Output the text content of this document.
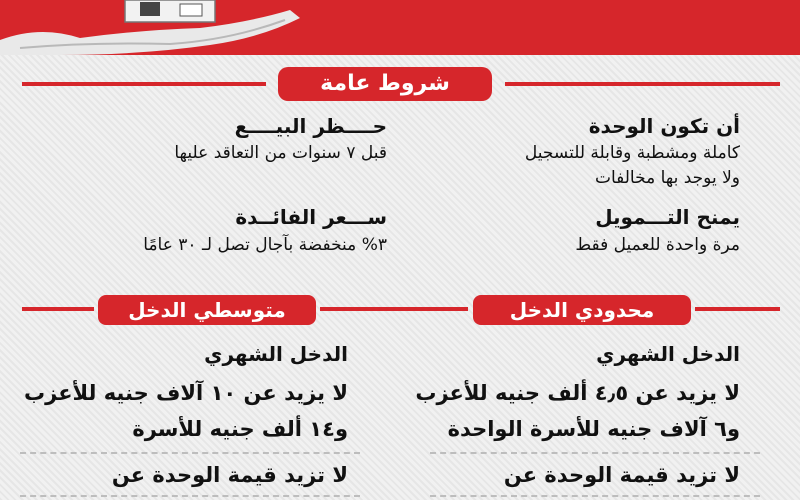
شروط عامة
أن تكون الوحدة
كاملة ومشطبة وقابلة للتسجيل
ولا يوجد بها مخالفات
يمنح التـــمويل
مرة واحدة للعميل فقط
حــــظر البيــــع
قبل ٧ سنوات من التعاقد عليها
ســـعر الفائــدة
٣% منخفضة بآجال تصل لـ ٣٠ عامًا
متوسطي الدخل	محدودي الدخل
الدخل الشهري
لا يزيد عن ٤٫٥ ألف جنيه للأعزب
و٦ آلاف جنيه للأسرة الواحدة
لا تزيد قيمة الوحدة عن
الدخل الشهري
لا يزيد عن ١٠ آلاف جنيه للأعزب
و١٤ ألف جنيه للأسرة
لا تزيد قيمة الوحدة عن
